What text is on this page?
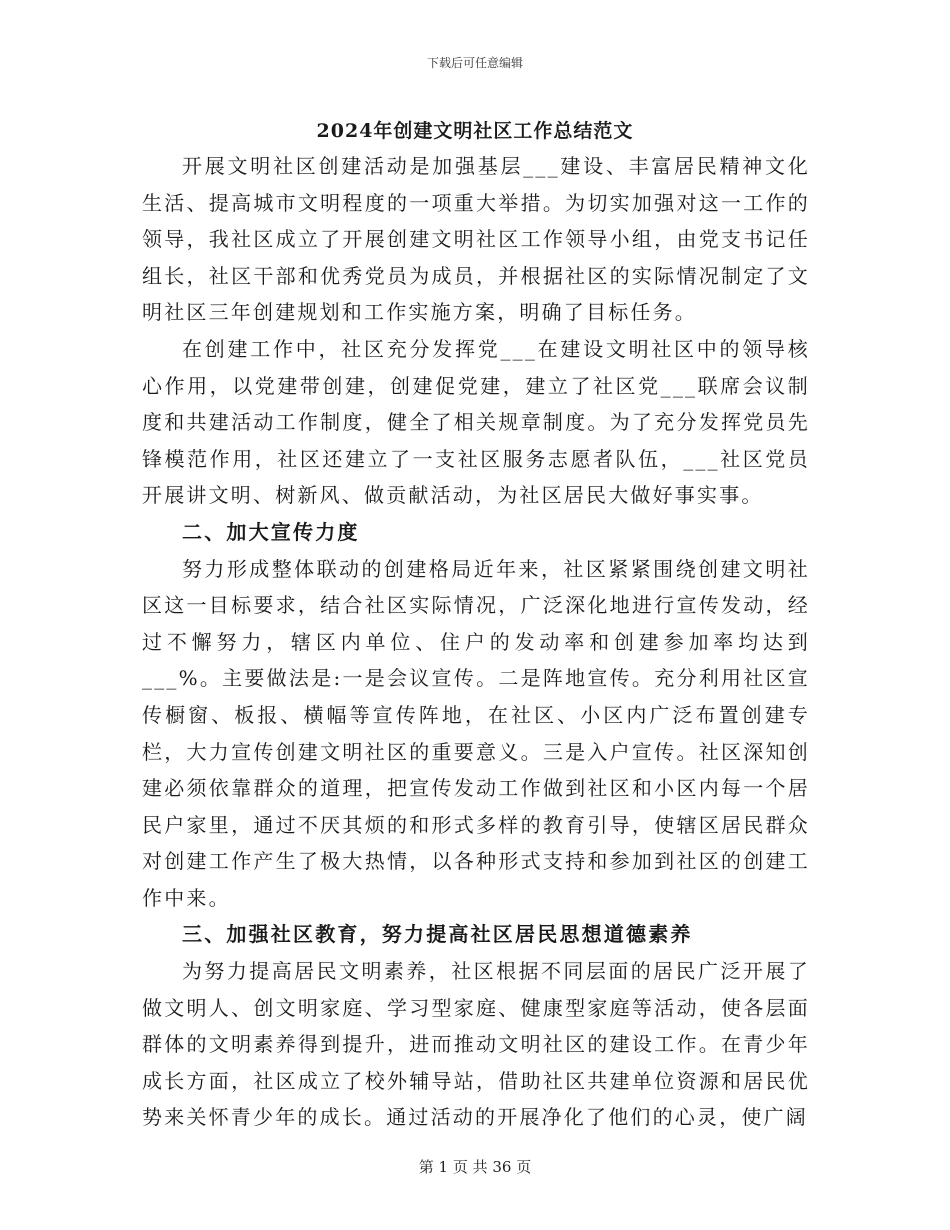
下载后可任意编辑
2024年创建文明社区工作总结范文

开展文明社区创建活动是加强基层___建设、丰富居民精神文化生活、提高城市文明程度的一项重大举措。为切实加强对这一工作的领导，我社区成立了开展创建文明社区工作领导小组，由党支书记任组长，社区干部和优秀党员为成员，并根据社区的实际情况制定了文明社区三年创建规划和工作实施方案，明确了目标任务。

在创建工作中，社区充分发挥党___在建设文明社区中的领导核心作用，以党建带创建，创建促党建，建立了社区党___联席会议制度和共建活动工作制度，健全了相关规章制度。为了充分发挥党员先锋模范作用，社区还建立了一支社区服务志愿者队伍，___社区党员开展讲文明、树新风、做贡献活动，为社区居民大做好事实事。

二、加大宣传力度

努力形成整体联动的创建格局近年来，社区紧紧围绕创建文明社区这一目标要求，结合社区实际情况，广泛深化地进行宣传发动，经过不懈努力，辖区内单位、住户的发动率和创建参加率均达到___%。主要做法是:一是会议宣传。二是阵地宣传。充分利用社区宣传橱窗、板报、横幅等宣传阵地，在社区、小区内广泛布置创建专栏，大力宣传创建文明社区的重要意义。三是入户宣传。社区深知创建必须依靠群众的道理，把宣传发动工作做到社区和小区内每一个居民户家里，通过不厌其烦的和形式多样的教育引导，使辖区居民群众对创建工作产生了极大热情，以各种形式支持和参加到社区的创建工作中来。

三、加强社区教育，努力提高社区居民思想道德素养

为努力提高居民文明素养，社区根据不同层面的居民广泛开展了做文明人、创文明家庭、学习型家庭、健康型家庭等活动，使各层面群体的文明素养得到提升，进而推动文明社区的建设工作。在青少年成长方面，社区成立了校外辅导站，借助社区共建单位资源和居民优势来关怀青少年的成长。通过活动的开展净化了他们的心灵，使广阔

第 1 页 共 36 页
